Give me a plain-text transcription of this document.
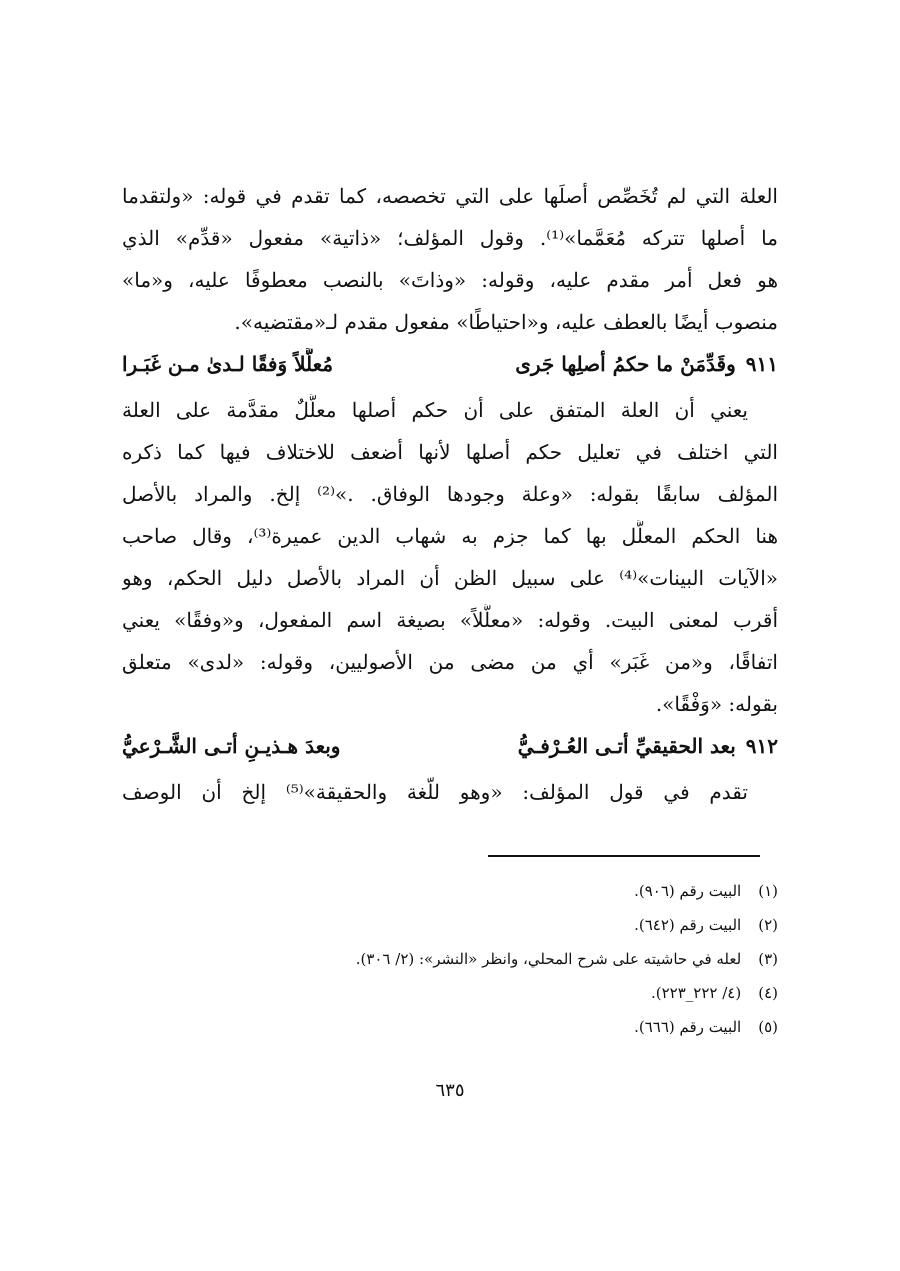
العلة التي لم تُخَصِّص أصلَها على التي تخصصه، كما تقدم في قوله: «ولتقدما
ما أصلها تتركه مُعَمَّما»⁽¹⁾. وقول المؤلف؛ «ذاتية» مفعول «قدِّم» الذي
هو فعل أمر مقدم عليه، وقوله: «وذاتَ» بالنصب معطوفًا عليه، و«ما»
منصوب أيضًا بالعطف عليه، و«احتياطًا» مفعول مقدم لـ«مقتضيه».
٩١١
وقَدِّمَنْ ما حكمُ أصلِها جَرى
مُعلَّلاً وَفقًا لـدىٰ مـن غَبَـرا
يعني أن العلة المتفق على أن حكم أصلها معلَّلٌ مقدَّمة على العلة
التي اختلف في تعليل حكم أصلها لأنها أضعف للاختلاف فيها كما ذكره
المؤلف سابقًا بقوله: «وعلة وجودها الوفاق. .»⁽²⁾ إلخ. والمراد بالأصل
هنا الحكم المعلَّل بها كما جزم به شهاب الدين عميرة⁽³⁾، وقال صاحب
«الآيات البينات»⁽⁴⁾ على سبيل الظن أن المراد بالأصل دليل الحكم، وهو
أقرب لمعنى البيت. وقوله: «معلَّلاً» بصيغة اسم المفعول، و«وفقًا» يعني
اتفاقًا، و«من غَبَر» أي من مضى من الأصوليين، وقوله: «لدى» متعلق
بقوله: «وَفْقًا».
٩١٢
بعد الحقيقيِّ أتـى العُـرْفـيُّ
وبعدَ هـذيـنِ أتـى الشَّـرْعيُّ
تقدم في قول المؤلف: «وهو للّغة والحقيقة»⁽⁵⁾ إلخ أن الوصف
(١) البيت رقم (٩٠٦).
(٢) البيت رقم (٦٤٢).
(٣) لعله في حاشيته على شرح المحلي، وانظر «النشر»: (٢/ ٣٠٦).
(٤) (٤/ ٢٢٢_٢٢٣).
(٥) البيت رقم (٦٦٦).
٦٣٥
